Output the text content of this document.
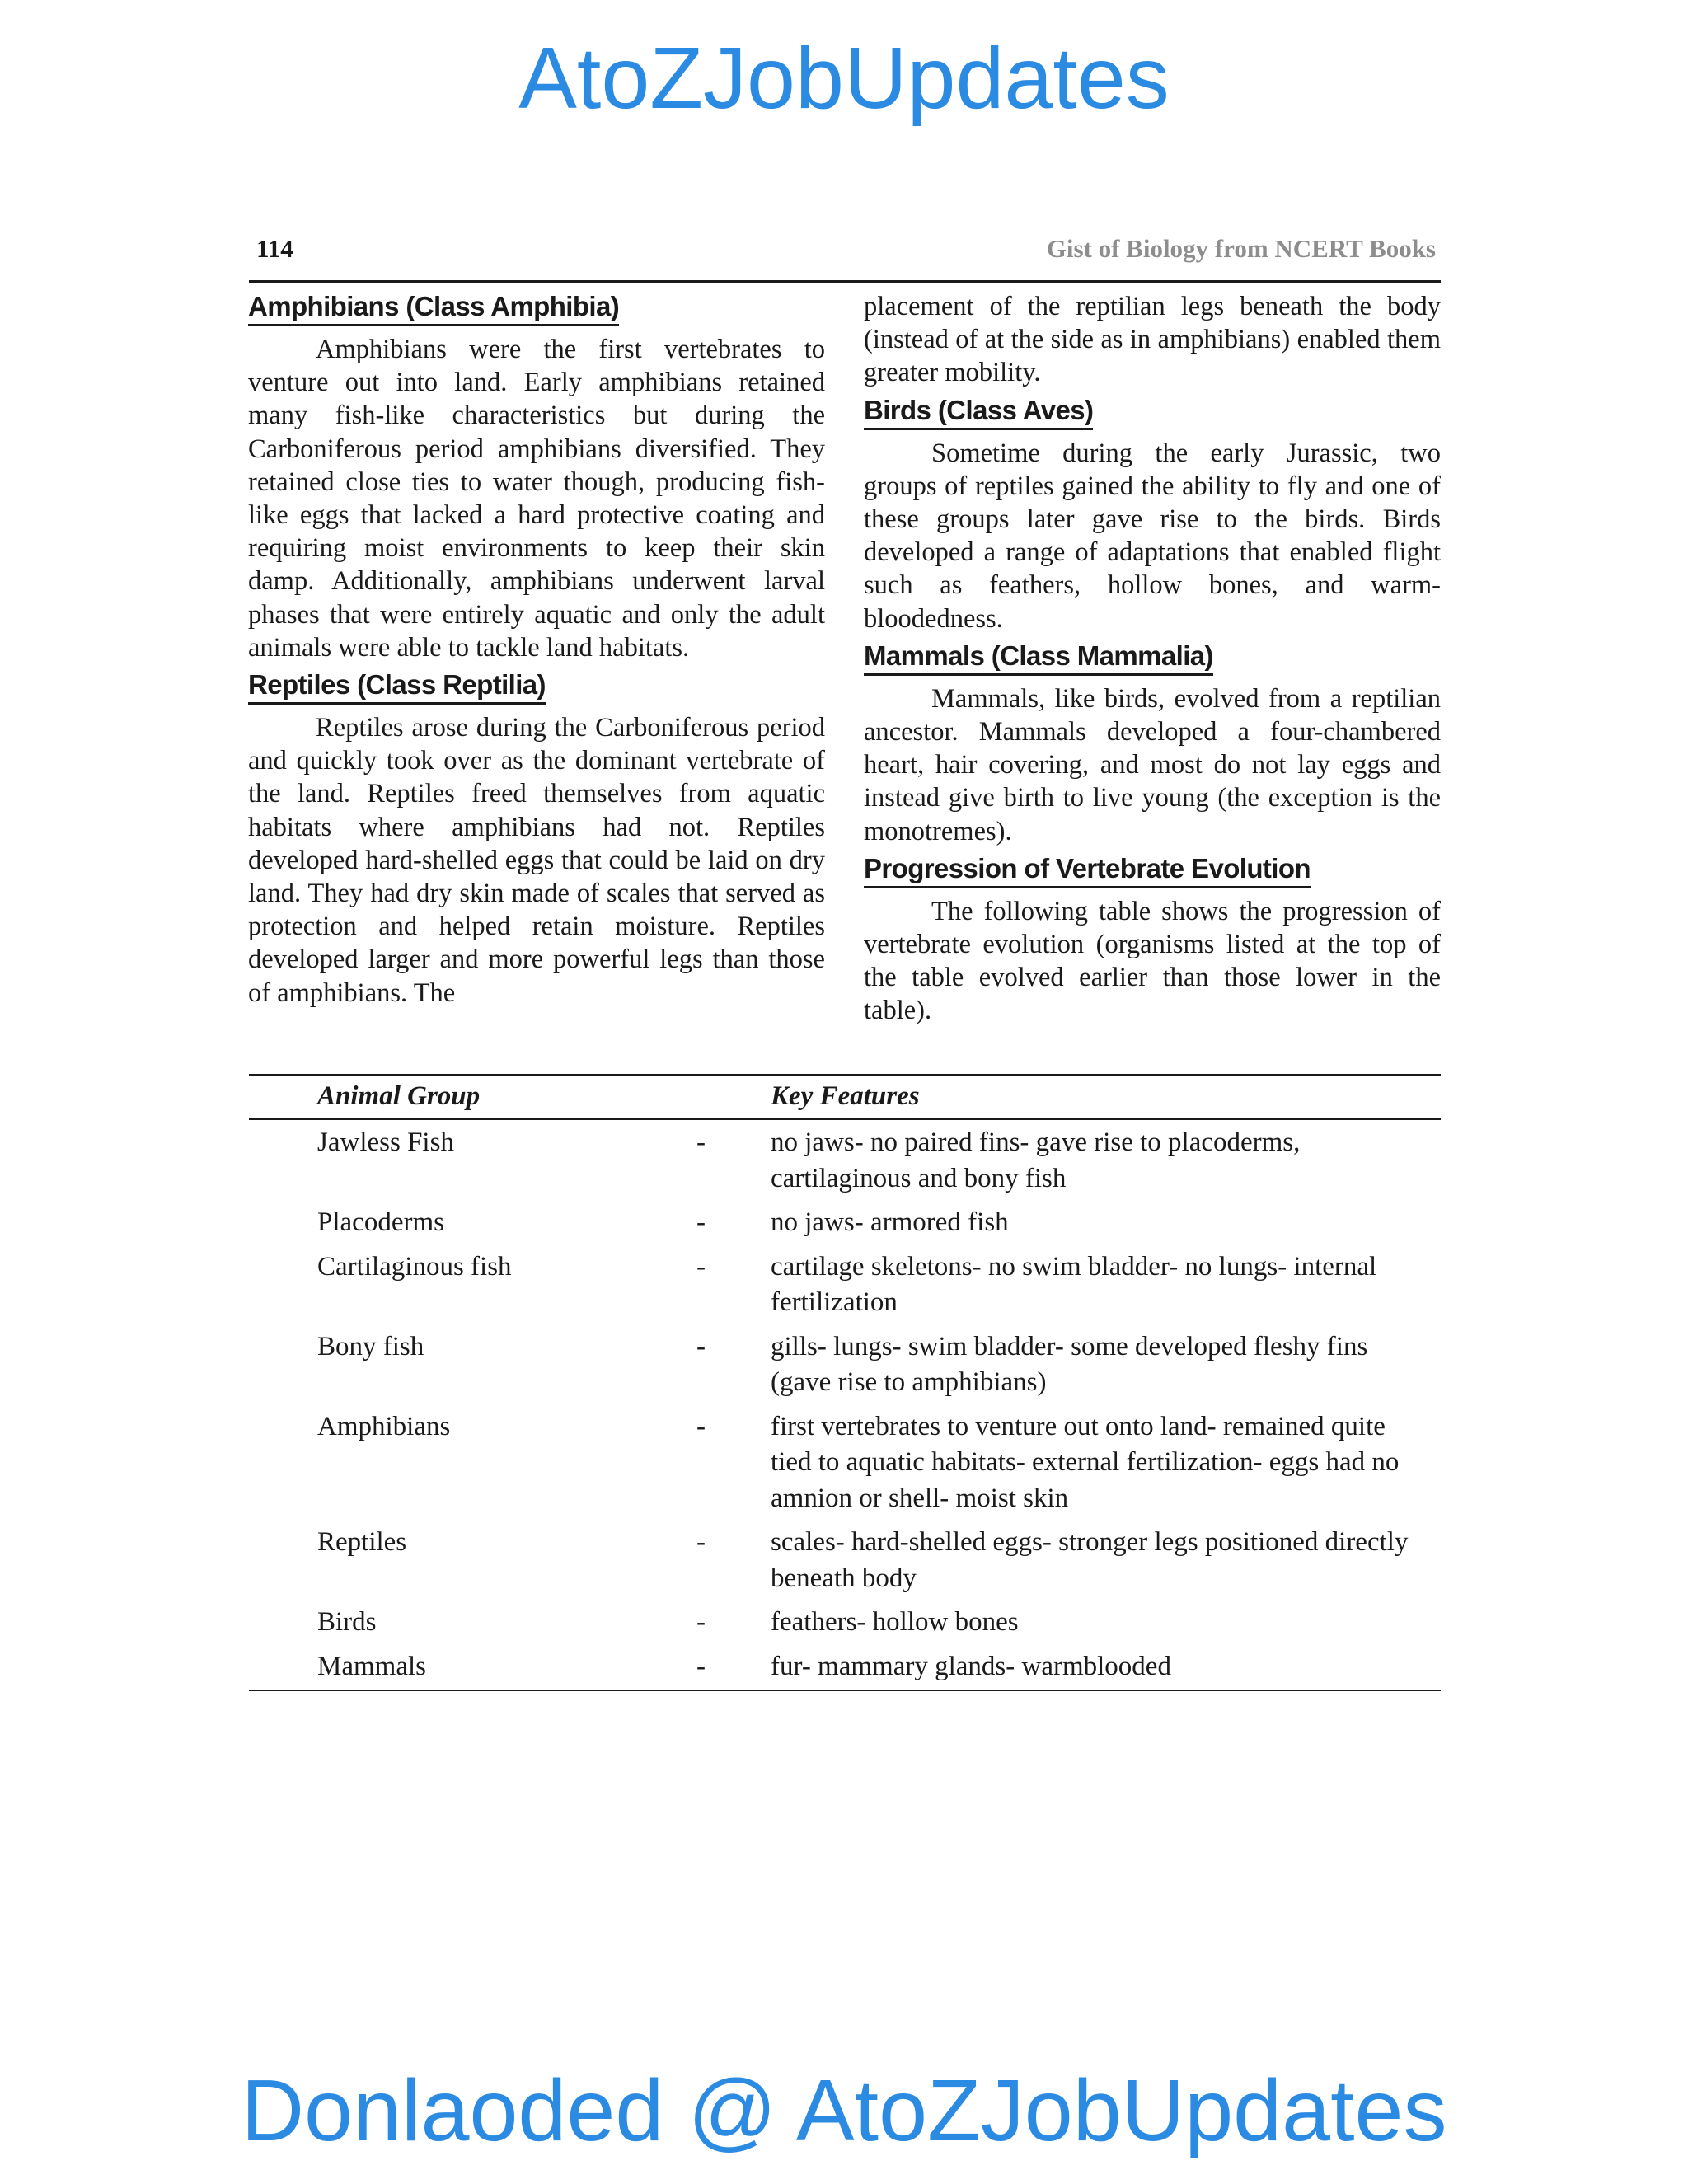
AtoZJobUpdates
114	Gist of Biology from NCERT Books
Amphibians (Class Amphibia)

Amphibians were the first vertebrates to venture out into land. Early amphibians retained many fish-like characteristics but during the Carboniferous period amphibians diversified. They retained close ties to water though, producing fish-like eggs that lacked a hard protective coating and requiring moist environments to keep their skin damp. Additionally, amphibians underwent larval phases that were entirely aquatic and only the adult animals were able to tackle land habitats.

Reptiles (Class Reptilia)

Reptiles arose during the Carboniferous period and quickly took over as the dominant vertebrate of the land. Reptiles freed themselves from aquatic habitats where amphibians had not. Reptiles developed hard-shelled eggs that could be laid on dry land. They had dry skin made of scales that served as protection and helped retain moisture. Reptiles developed larger and more powerful legs than those of amphibians. The

placement of the reptilian legs beneath the body (instead of at the side as in amphibians) enabled them greater mobility.

Birds (Class Aves)

Sometime during the early Jurassic, two groups of reptiles gained the ability to fly and one of these groups later gave rise to the birds. Birds developed a range of adaptations that enabled flight such as feathers, hollow bones, and warm-bloodedness.

Mammals (Class Mammalia)

Mammals, like birds, evolved from a reptilian ancestor. Mammals developed a four-chambered heart, hair covering, and most do not lay eggs and instead give birth to live young (the exception is the monotremes).

Progression of Vertebrate Evolution

The following table shows the progression of vertebrate evolution (organisms listed at the top of the table evolved earlier than those lower in the table).

Animal Group	Key Features
Jawless Fish	- no jaws- no paired fins- gave rise to placoderms, cartilaginous and bony fish
Placoderms	- no jaws- armored fish
Cartilaginous fish	- cartilage skeletons- no swim bladder- no lungs- internal fertilization
Bony fish	- gills- lungs- swim bladder- some developed fleshy fins (gave rise to amphibians)
Amphibians	- first vertebrates to venture out onto land- remained quite tied to aquatic habitats- external fertilization- eggs had no amnion or shell- moist skin
Reptiles	- scales- hard-shelled eggs- stronger legs positioned directly beneath body
Birds	- feathers- hollow bones
Mammals	- fur- mammary glands- warmblooded
Donlaoded @ AtoZJobUpdates
